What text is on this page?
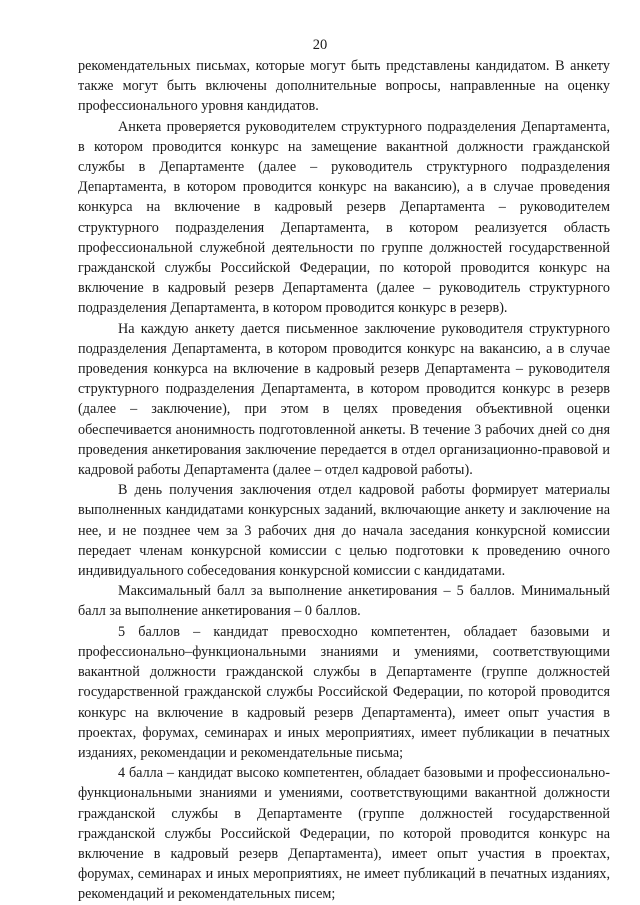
20

рекомендательных письмах, которые могут быть представлены кандидатом. В анкету также могут быть включены дополнительные вопросы, направленные на оценку профессионального уровня кандидатов.

Анкета проверяется руководителем структурного подразделения Департамента, в котором проводится конкурс на замещение вакантной должности гражданской службы в Департаменте (далее – руководитель структурного подразделения Департамента, в котором проводится конкурс на вакансию), а в случае проведения конкурса на включение в кадровый резерв Департамента – руководителем структурного подразделения Департамента, в котором реализуется область профессиональной служебной деятельности по группе должностей государственной гражданской службы Российской Федерации, по которой проводится конкурс на включение в кадровый резерв Департамента (далее – руководитель структурного подразделения Департамента, в котором проводится конкурс в резерв).

На каждую анкету дается письменное заключение руководителя структурного подразделения Департамента, в котором проводится конкурс на вакансию, а в случае проведения конкурса на включение в кадровый резерв Департамента – руководителя структурного подразделения Департамента, в котором проводится конкурс в резерв (далее – заключение), при этом в целях проведения объективной оценки обеспечивается анонимность подготовленной анкеты. В течение 3 рабочих дней со дня проведения анкетирования заключение передается в отдел организационно-правовой и кадровой работы Департамента (далее – отдел кадровой работы).

В день получения заключения отдел кадровой работы формирует материалы выполненных кандидатами конкурсных заданий, включающие анкету и заключение на нее, и не позднее чем за 3 рабочих дня до начала заседания конкурсной комиссии передает членам конкурсной комиссии с целью подготовки к проведению очного индивидуального собеседования конкурсной комиссии с кандидатами.

Максимальный балл за выполнение анкетирования – 5 баллов. Минимальный балл за выполнение анкетирования – 0 баллов.

5 баллов – кандидат превосходно компетентен, обладает базовыми и профессионально–функциональными знаниями и умениями, соответствующими вакантной должности гражданской службы в Департаменте (группе должностей государственной гражданской службы Российской Федерации, по которой проводится конкурс на включение в кадровый резерв Департамента), имеет опыт участия в проектах, форумах, семинарах и иных мероприятиях, имеет публикации в печатных изданиях, рекомендации и рекомендательные письма;

4 балла – кандидат высоко компетентен, обладает базовыми и профессионально-функциональными знаниями и умениями, соответствующими вакантной должности гражданской службы в Департаменте (группе должностей государственной гражданской службы Российской Федерации, по которой проводится конкурс на включение в кадровый резерв Департамента), имеет опыт участия в проектах, форумах, семинарах и иных мероприятиях, не имеет публикаций в печатных изданиях, рекомендаций и рекомендательных писем;
